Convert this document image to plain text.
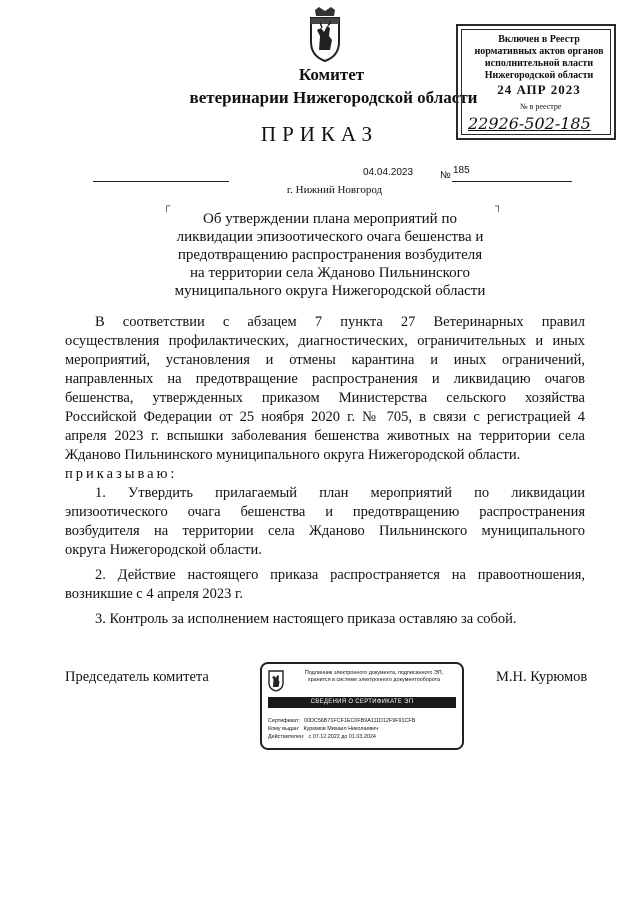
Комитет
ветеринарии Нижегородской области
ПРИКАЗ
Включен в Реестр
нормативных актов органов
исполнительной власти
Нижегородской области
24 АПР 2023
№ в реестре
22926-502-185
04.04.2023	№ 185
г. Нижний Новгород
┌	┐
Об утверждении плана мероприятий по
ликвидации эпизоотического очага бешенства и
предотвращению распространения возбудителя
на территории села Жданово Пильнинского
муниципального округа Нижегородской области
В соответствии с абзацем 7 пункта 27 Ветеринарных правил
осуществления профилактических, диагностических, ограничительных и иных
мероприятий, установления и отмены карантина и иных ограничений,
направленных на предотвращение распространения и ликвидацию очагов
бешенства, утвержденных приказом Министерства сельского хозяйства
Российской Федерации от 25 ноября 2020 г. № 705, в связи с регистрацией 4
апреля 2023 г. вспышки заболевания бешенства животных на территории села
Жданово Пильнинского муниципального округа Нижегородской области.
приказываю:
1. Утвердить прилагаемый план мероприятий по ликвидации
эпизоотического очага бешенства и предотвращению распространения
возбудителя на территории села Жданово Пильнинского муниципального
округа Нижегородской области.
2. Действие настоящего приказа распространяется на правоотношения,
возникшие с 4 апреля 2023 г.
3. Контроль за исполнением настоящего приказа оставляю за собой.
Председатель комитета	М.Н. Курюмов
Подлинник электронного документа, подписанного ЭП,
хранится в системе электронного документооборота
СВЕДЕНИЯ О СЕРТИФИКАТЕ ЭП
Сертификат: 00DC56B71FCF1EC0FB9A111D12F9F91CFB
Кому выдан: Курюмов Михаил Николаевич
Действителен: с 07.12.2022 до 01.03.2024
